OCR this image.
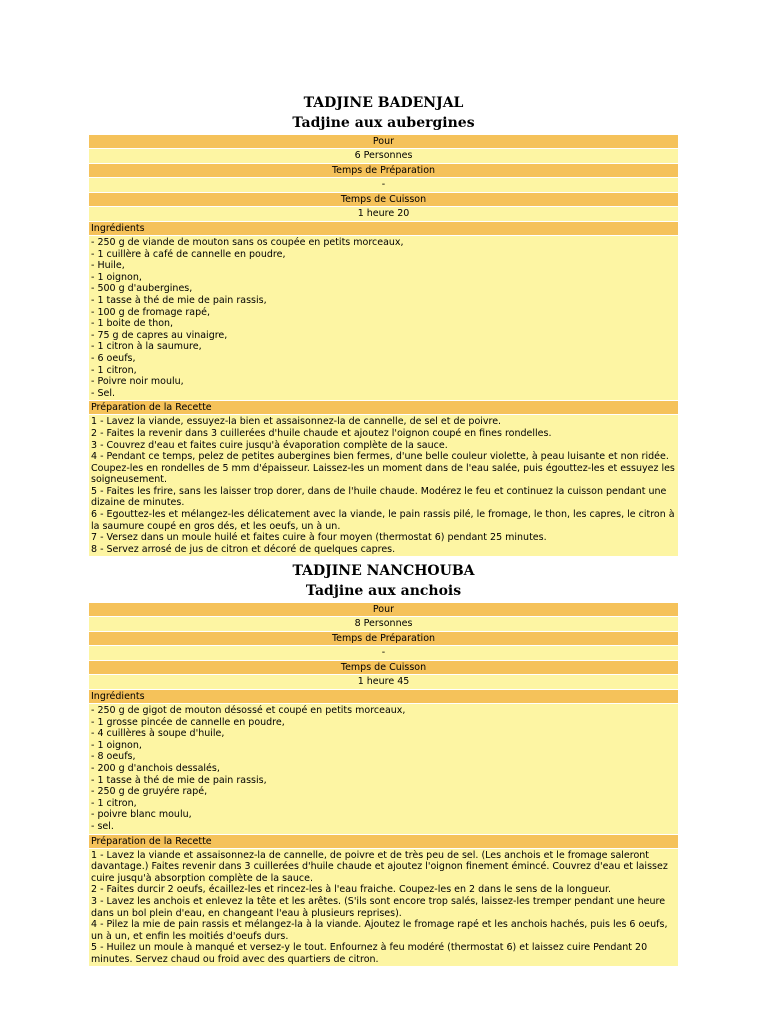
TADJINE BADENJAL
Tadjine aux aubergines
Pour
6 Personnes
Temps de Préparation
-
Temps de Cuisson
1 heure 20
Ingrédients
- 250 g de viande de mouton sans os coupée en petits morceaux,
- 1 cuillère à café de cannelle en poudre,
- Huile,
- 1 oignon,
- 500 g d'aubergines,
- 1 tasse à thé de mie de pain rassis,
- 100 g de fromage rapé,
- 1 boite de thon,
- 75 g de capres au vinaigre,
- 1 citron à la saumure,
- 6 oeufs,
- 1 citron,
- Poivre noir moulu,
- Sel.
Préparation de la Recette
1 - Lavez la viande, essuyez-la bien et assaisonnez-la de cannelle, de sel et de poivre.
2 - Faites la revenir dans 3 cuillerées d'huile chaude et ajoutez l'oignon coupé en fines rondelles.
3 - Couvrez d'eau et faites cuire jusqu'à évaporation complète de la sauce.
4 - Pendant ce temps, pelez de petites aubergines bien fermes, d'une belle couleur violette, à peau luisante et non ridée. Coupez-les en rondelles de 5 mm d'épaisseur. Laissez-les un moment dans de l'eau salée, puis égouttez-les et essuyez les soigneusement.
5 - Faites les frire, sans les laisser trop dorer, dans de l'huile chaude. Modérez le feu et continuez la cuisson pendant une dizaine de minutes.
6 - Egouttez-les et mélangez-les délicatement avec la viande, le pain rassis pilé, le fromage, le thon, les capres, le citron à la saumure coupé en gros dés, et les oeufs, un à un.
7 - Versez dans un moule huilé et faites cuire à four moyen (thermostat 6) pendant 25 minutes.
8 - Servez arrosé de jus de citron et décoré de quelques capres.
TADJINE NANCHOUBA
Tadjine aux anchois
Pour
8 Personnes
Temps de Préparation
-
Temps de Cuisson
1 heure 45
Ingrédients
- 250 g de gigot de mouton désossé et coupé en petits morceaux,
- 1 grosse pincée de cannelle en poudre,
- 4 cuillères à soupe d'huile,
- 1 oignon,
- 8 oeufs,
- 200 g d'anchois dessalés,
- 1 tasse à thé de mie de pain rassis,
- 250 g de gruyére rapé,
- 1 citron,
- poivre blanc moulu,
- sel.
Préparation de la Recette
1 - Lavez la viande et assaisonnez-la de cannelle, de poivre et de très peu de sel. (Les anchois et le fromage saleront davantage.) Faites revenir dans 3 cuillerées d'huile chaude et ajoutez l'oignon finement émincé. Couvrez d'eau et laissez cuire jusqu'à absorption complète de la sauce.
2 - Faites durcir 2 oeufs, écaillez-les et rincez-les à l'eau fraiche. Coupez-les en 2 dans le sens de la longueur.
3 - Lavez les anchois et enlevez la tête et les arêtes. (S'ils sont encore trop salés, laissez-les tremper pendant une heure dans un bol plein d'eau, en changeant l'eau à plusieurs reprises).
4 - Pilez la mie de pain rassis et mélangez-la à la viande. Ajoutez le fromage rapé et les anchois hachés, puis les 6 oeufs, un à un, et enfin les moitiés d'oeufs durs.
5 - Huilez un moule à manqué et versez-y le tout. Enfournez à feu modéré (thermostat 6) et laissez cuire Pendant 20 minutes. Servez chaud ou froid avec des quartiers de citron.
